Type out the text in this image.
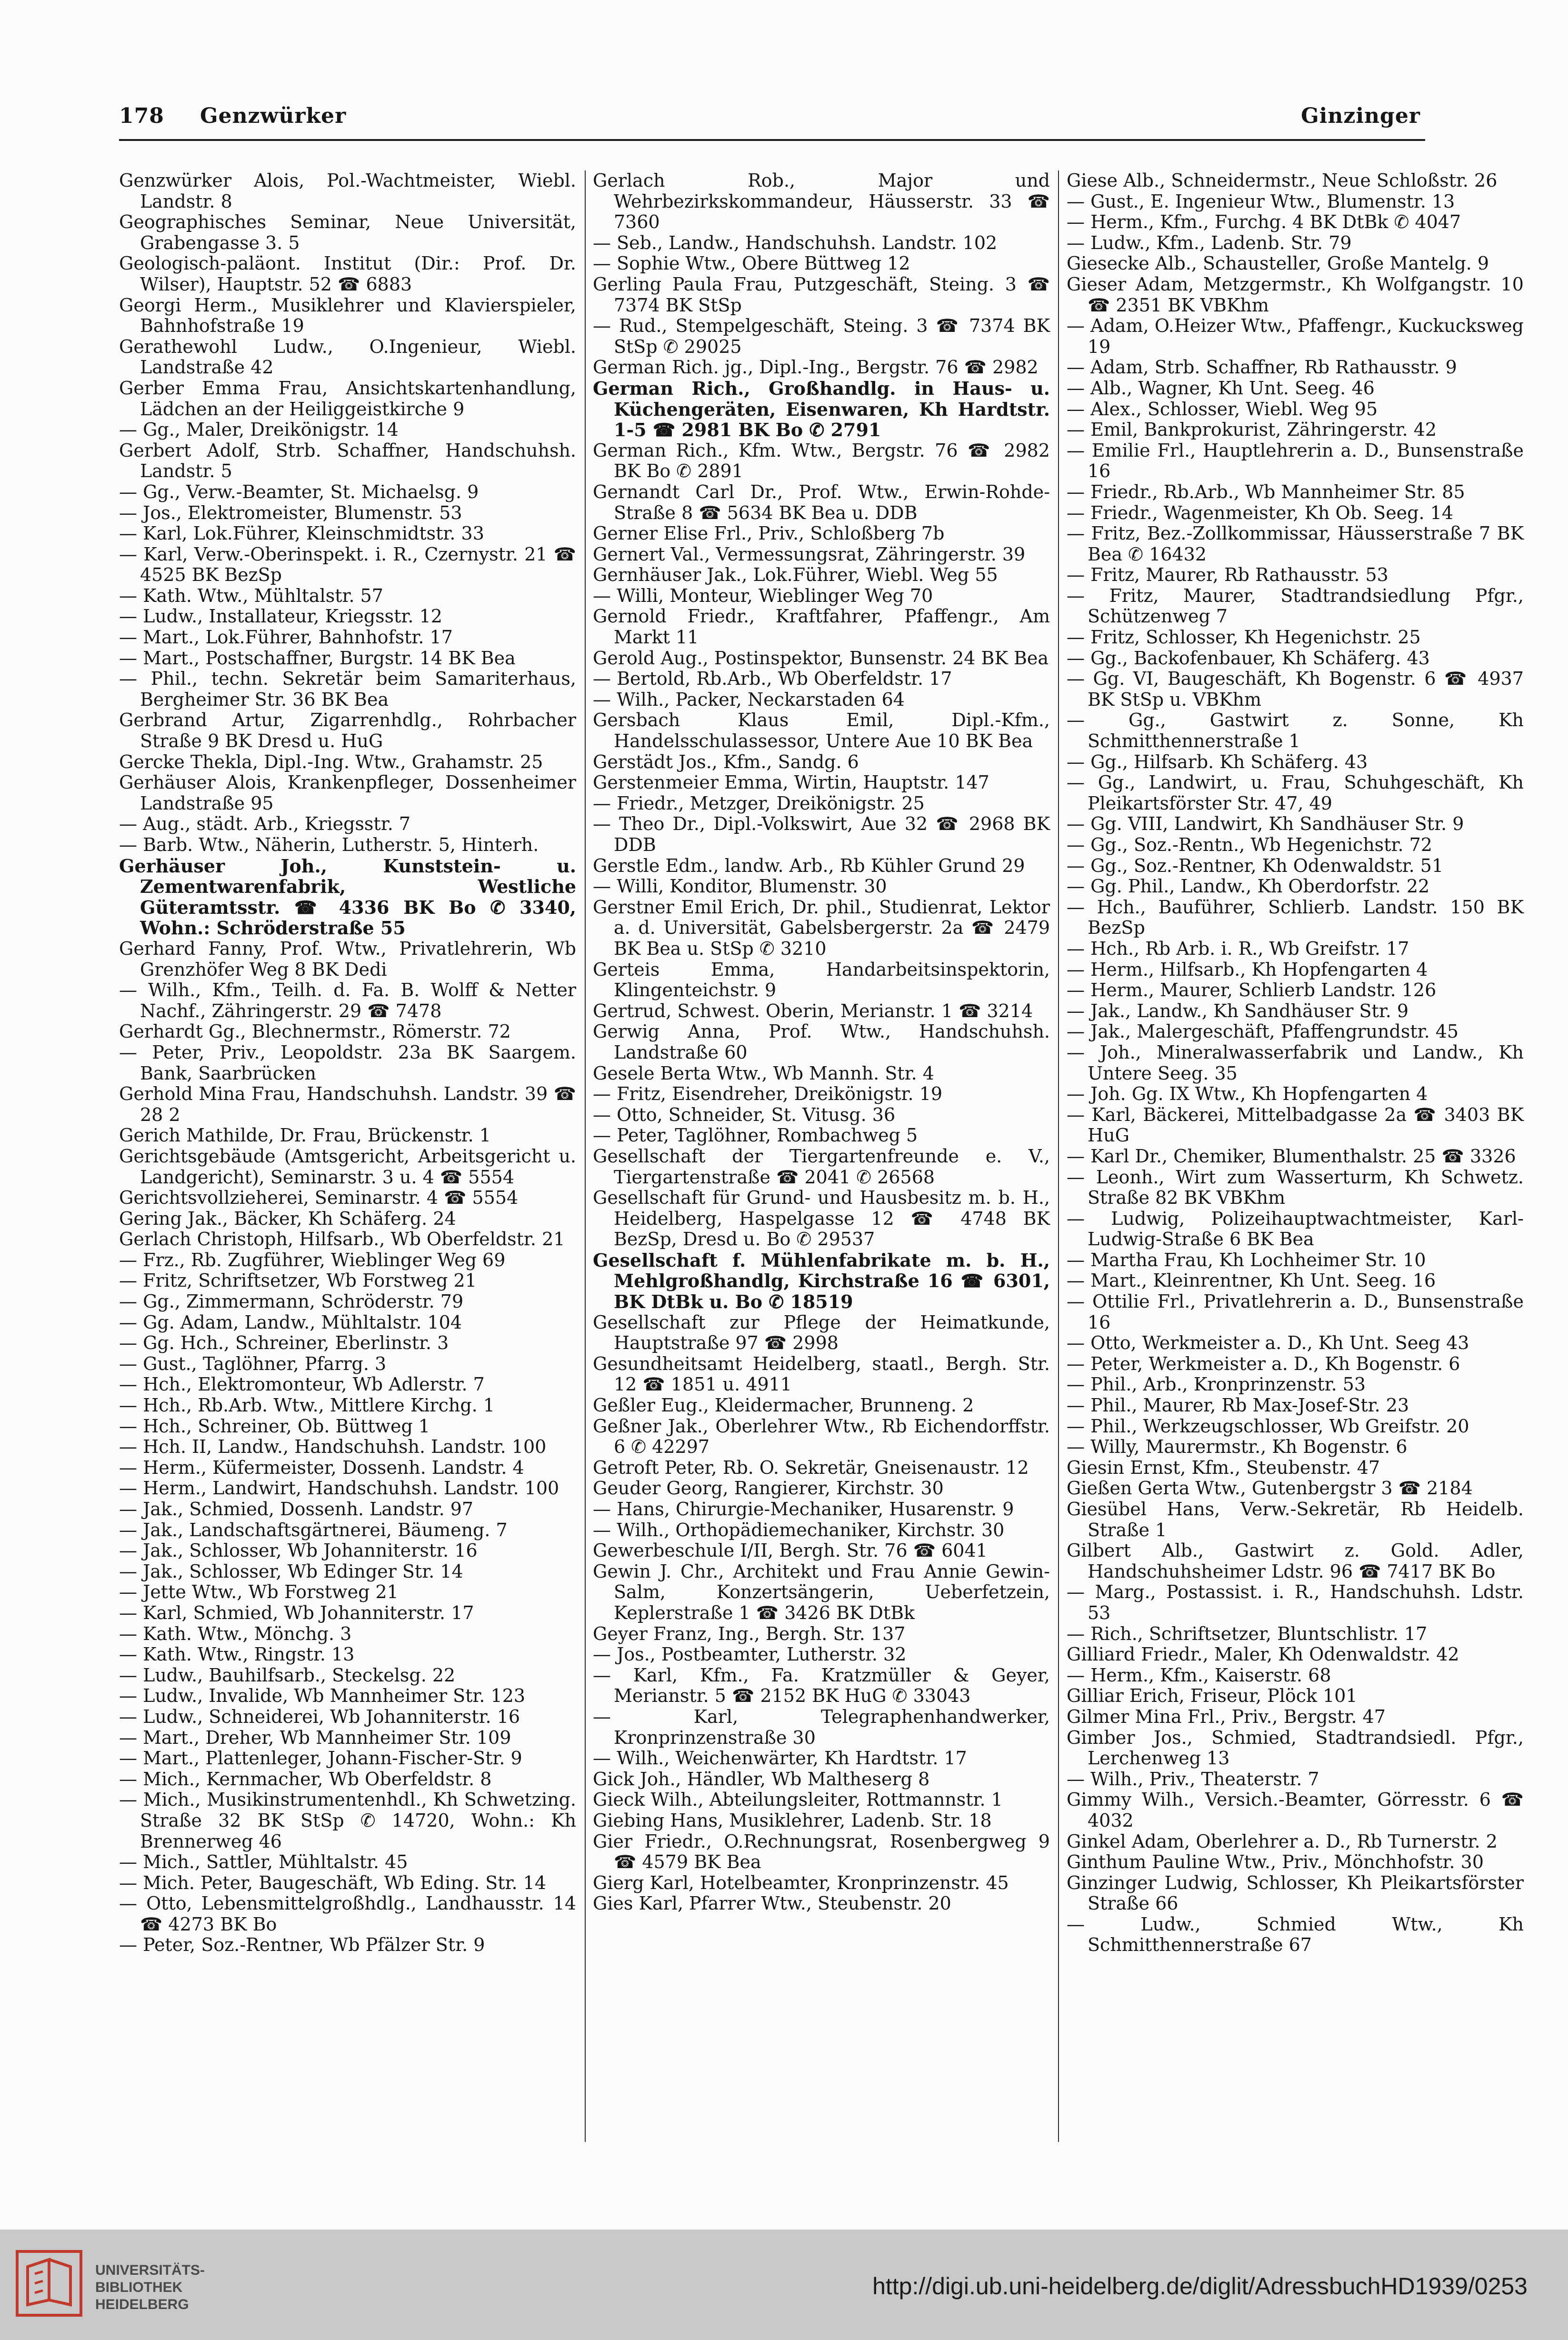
178 Genzwürker	Ginzinger

Genzwürker Alois, Pol.-Wachtmeister, Wiebl. Landstr. 8

Geographisches Seminar, Neue Universität, Grabengasse 3. 5

Geologisch-paläont. Institut (Dir.: Prof. Dr. Wilser), Hauptstr. 52 ☎ 6883

Georgi Herm., Musiklehrer und Klavierspieler, Bahnhofstraße 19

Gerathewohl Ludw., O.Ingenieur, Wiebl. Landstraße 42

Gerber Emma Frau, Ansichtskartenhandlung, Lädchen an der Heiliggeistkirche 9

— Gg., Maler, Dreikönigstr. 14

Gerbert Adolf, Strb. Schaffner, Handschuhsh. Landstr. 5

— Gg., Verw.-Beamter, St. Michaelsg. 9

— Jos., Elektromeister, Blumenstr. 53

— Karl, Lok.Führer, Kleinschmidtstr. 33

— Karl, Verw.-Oberinspekt. i. R., Czernystr. 21 ☎ 4525 BK BezSp

— Kath. Wtw., Mühltalstr. 57

— Ludw., Installateur, Kriegsstr. 12

— Mart., Lok.Führer, Bahnhofstr. 17

— Mart., Postschaffner, Burgstr. 14 BK Bea

— Phil., techn. Sekretär beim Samariterhaus, Bergheimer Str. 36 BK Bea

Gerbrand Artur, Zigarrenhdlg., Rohrbacher Straße 9 BK Dresd u. HuG

Gercke Thekla, Dipl.-Ing. Wtw., Grahamstr. 25

Gerhäuser Alois, Krankenpfleger, Dossenheimer Landstraße 95

— Aug., städt. Arb., Kriegsstr. 7

— Barb. Wtw., Näherin, Lutherstr. 5, Hinterh.

Gerhäuser Joh., Kunststein- u. Zementwarenfabrik, Westliche Güteramtsstr. ☎ 4336 BK Bo ✆ 3340, Wohn.: Schröderstraße 55

Gerhard Fanny, Prof. Wtw., Privatlehrerin, Wb Grenzhöfer Weg 8 BK Dedi

— Wilh., Kfm., Teilh. d. Fa. B. Wolff & Netter Nachf., Zähringerstr. 29 ☎ 7478

Gerhardt Gg., Blechnermstr., Römerstr. 72

— Peter, Priv., Leopoldstr. 23a BK Saargem. Bank, Saarbrücken

Gerhold Mina Frau, Handschuhsh. Landstr. 39 ☎ 28 2

Gerich Mathilde, Dr. Frau, Brückenstr. 1

Gerichtsgebäude (Amtsgericht, Arbeitsgericht u. Landgericht), Seminarstr. 3 u. 4 ☎ 5554

Gerichtsvollzieherei, Seminarstr. 4 ☎ 5554

Gering Jak., Bäcker, Kh Schäferg. 24

Gerlach Christoph, Hilfsarb., Wb Oberfeldstr. 21

— Frz., Rb. Zugführer, Wieblinger Weg 69

— Fritz, Schriftsetzer, Wb Forstweg 21

— Gg., Zimmermann, Schröderstr. 79

— Gg. Adam, Landw., Mühltalstr. 104

— Gg. Hch., Schreiner, Eberlinstr. 3

— Gust., Taglöhner, Pfarrg. 3

— Hch., Elektromonteur, Wb Adlerstr. 7

— Hch., Rb.Arb. Wtw., Mittlere Kirchg. 1

— Hch., Schreiner, Ob. Büttweg 1

— Hch. II, Landw., Handschuhsh. Landstr. 100

— Herm., Küfermeister, Dossenh. Landstr. 4

— Herm., Landwirt, Handschuhsh. Landstr. 100

— Jak., Schmied, Dossenh. Landstr. 97

— Jak., Landschaftsgärtnerei, Bäumeng. 7

— Jak., Schlosser, Wb Johanniterstr. 16

— Jak., Schlosser, Wb Edinger Str. 14

— Jette Wtw., Wb Forstweg 21

— Karl, Schmied, Wb Johanniterstr. 17

— Kath. Wtw., Mönchg. 3

— Kath. Wtw., Ringstr. 13

— Ludw., Bauhilfsarb., Steckelsg. 22

— Ludw., Invalide, Wb Mannheimer Str. 123

— Ludw., Schneiderei, Wb Johanniterstr. 16

— Mart., Dreher, Wb Mannheimer Str. 109

— Mart., Plattenleger, Johann-Fischer-Str. 9

— Mich., Kernmacher, Wb Oberfeldstr. 8

— Mich., Musikinstrumentenhdl., Kh Schwetzing. Straße 32 BK StSp ✆ 14720, Wohn.: Kh Brennerweg 46

— Mich., Sattler, Mühltalstr. 45

— Mich. Peter, Baugeschäft, Wb Eding. Str. 14

— Otto, Lebensmittelgroßhdlg., Landhausstr. 14 ☎ 4273 BK Bo

— Peter, Soz.-Rentner, Wb Pfälzer Str. 9

Gerlach Rob., Major und Wehrbezirkskommandeur, Häusserstr. 33 ☎ 7360

— Seb., Landw., Handschuhsh. Landstr. 102

— Sophie Wtw., Obere Büttweg 12

Gerling Paula Frau, Putzgeschäft, Steing. 3 ☎ 7374 BK StSp

— Rud., Stempelgeschäft, Steing. 3 ☎ 7374 BK StSp ✆ 29025

German Rich. jg., Dipl.-Ing., Bergstr. 76 ☎ 2982

German Rich., Großhandlg. in Haus- u. Küchengeräten, Eisenwaren, Kh Hardtstr. 1-5 ☎ 2981 BK Bo ✆ 2791

German Rich., Kfm. Wtw., Bergstr. 76 ☎ 2982 BK Bo ✆ 2891

Gernandt Carl Dr., Prof. Wtw., Erwin-Rohde-Straße 8 ☎ 5634 BK Bea u. DDB

Gerner Elise Frl., Priv., Schloßberg 7b

Gernert Val., Vermessungsrat, Zähringerstr. 39

Gernhäuser Jak., Lok.Führer, Wiebl. Weg 55

— Willi, Monteur, Wieblinger Weg 70

Gernold Friedr., Kraftfahrer, Pfaffengr., Am Markt 11

Gerold Aug., Postinspektor, Bunsenstr. 24 BK Bea

— Bertold, Rb.Arb., Wb Oberfeldstr. 17

— Wilh., Packer, Neckarstaden 64

Gersbach Klaus Emil, Dipl.-Kfm., Handelsschulassessor, Untere Aue 10 BK Bea

Gerstädt Jos., Kfm., Sandg. 6

Gerstenmeier Emma, Wirtin, Hauptstr. 147

— Friedr., Metzger, Dreikönigstr. 25

— Theo Dr., Dipl.-Volkswirt, Aue 32 ☎ 2968 BK DDB

Gerstle Edm., landw. Arb., Rb Kühler Grund 29

— Willi, Konditor, Blumenstr. 30

Gerstner Emil Erich, Dr. phil., Studienrat, Lektor a. d. Universität, Gabelsbergerstr. 2a ☎ 2479 BK Bea u. StSp ✆ 3210

Gerteis Emma, Handarbeitsinspektorin, Klingenteichstr. 9

Gertrud, Schwest. Oberin, Merianstr. 1 ☎ 3214

Gerwig Anna, Prof. Wtw., Handschuhsh. Landstraße 60

Gesele Berta Wtw., Wb Mannh. Str. 4

— Fritz, Eisendreher, Dreikönigstr. 19

— Otto, Schneider, St. Vitusg. 36

— Peter, Taglöhner, Rombachweg 5

Gesellschaft der Tiergartenfreunde e. V., Tiergartenstraße ☎ 2041 ✆ 26568

Gesellschaft für Grund- und Hausbesitz m. b. H., Heidelberg, Haspelgasse 12 ☎ 4748 BK BezSp, Dresd u. Bo ✆ 29537

Gesellschaft f. Mühlenfabrikate m. b. H., Mehlgroßhandlg, Kirchstraße 16 ☎ 6301, BK DtBk u. Bo ✆ 18519

Gesellschaft zur Pflege der Heimatkunde, Hauptstraße 97 ☎ 2998

Gesundheitsamt Heidelberg, staatl., Bergh. Str. 12 ☎ 1851 u. 4911

Geßler Eug., Kleidermacher, Brunneng. 2

Geßner Jak., Oberlehrer Wtw., Rb Eichendorffstr. 6 ✆ 42297

Getroft Peter, Rb. O. Sekretär, Gneisenaustr. 12

Geuder Georg, Rangierer, Kirchstr. 30

— Hans, Chirurgie-Mechaniker, Husarenstr. 9

— Wilh., Orthopädiemechaniker, Kirchstr. 30

Gewerbeschule I/II, Bergh. Str. 76 ☎ 6041

Gewin J. Chr., Architekt und Frau Annie Gewin-Salm, Konzertsängerin, Ueberfetzein, Keplerstraße 1 ☎ 3426 BK DtBk

Geyer Franz, Ing., Bergh. Str. 137

— Jos., Postbeamter, Lutherstr. 32

— Karl, Kfm., Fa. Kratzmüller & Geyer, Merianstr. 5 ☎ 2152 BK HuG ✆ 33043

— Karl, Telegraphenhandwerker, Kronprinzenstraße 30

— Wilh., Weichenwärter, Kh Hardtstr. 17

Gick Joh., Händler, Wb Maltheserg 8

Gieck Wilh., Abteilungsleiter, Rottmannstr. 1

Giebing Hans, Musiklehrer, Ladenb. Str. 18

Gier Friedr., O.Rechnungsrat, Rosenbergweg 9 ☎ 4579 BK Bea

Gierg Karl, Hotelbeamter, Kronprinzenstr. 45

Gies Karl, Pfarrer Wtw., Steubenstr. 20

Giese Alb., Schneidermstr., Neue Schloßstr. 26

— Gust., E. Ingenieur Wtw., Blumenstr. 13

— Herm., Kfm., Furchg. 4 BK DtBk ✆ 4047

— Ludw., Kfm., Ladenb. Str. 79

Giesecke Alb., Schausteller, Große Mantelg. 9

Gieser Adam, Metzgermstr., Kh Wolfgangstr. 10 ☎ 2351 BK VBKhm

— Adam, O.Heizer Wtw., Pfaffengr., Kuckucksweg 19

— Adam, Strb. Schaffner, Rb Rathausstr. 9

— Alb., Wagner, Kh Unt. Seeg. 46

— Alex., Schlosser, Wiebl. Weg 95

— Emil, Bankprokurist, Zähringerstr. 42

— Emilie Frl., Hauptlehrerin a. D., Bunsenstraße 16

— Friedr., Rb.Arb., Wb Mannheimer Str. 85

— Friedr., Wagenmeister, Kh Ob. Seeg. 14

— Fritz, Bez.-Zollkommissar, Häusserstraße 7 BK Bea ✆ 16432

— Fritz, Maurer, Rb Rathausstr. 53

— Fritz, Maurer, Stadtrandsiedlung Pfgr., Schützenweg 7

— Fritz, Schlosser, Kh Hegenichstr. 25

— Gg., Backofenbauer, Kh Schäferg. 43

— Gg. VI, Baugeschäft, Kh Bogenstr. 6 ☎ 4937 BK StSp u. VBKhm

— Gg., Gastwirt z. Sonne, Kh Schmitthennerstraße 1

— Gg., Hilfsarb. Kh Schäferg. 43

— Gg., Landwirt, u. Frau, Schuhgeschäft, Kh Pleikartsförster Str. 47, 49

— Gg. VIII, Landwirt, Kh Sandhäuser Str. 9

— Gg., Soz.-Rentn., Wb Hegenichstr. 72

— Gg., Soz.-Rentner, Kh Odenwaldstr. 51

— Gg. Phil., Landw., Kh Oberdorfstr. 22

— Hch., Bauführer, Schlierb. Landstr. 150 BK BezSp

— Hch., Rb Arb. i. R., Wb Greifstr. 17

— Herm., Hilfsarb., Kh Hopfengarten 4

— Herm., Maurer, Schlierb Landstr. 126

— Jak., Landw., Kh Sandhäuser Str. 9

— Jak., Malergeschäft, Pfaffengrundstr. 45

— Joh., Mineralwasserfabrik und Landw., Kh Untere Seeg. 35

— Joh. Gg. IX Wtw., Kh Hopfengarten 4

— Karl, Bäckerei, Mittelbadgasse 2a ☎ 3403 BK HuG

— Karl Dr., Chemiker, Blumenthalstr. 25 ☎ 3326

— Leonh., Wirt zum Wasserturm, Kh Schwetz. Straße 82 BK VBKhm

— Ludwig, Polizeihauptwachtmeister, Karl-Ludwig-Straße 6 BK Bea

— Martha Frau, Kh Lochheimer Str. 10

— Mart., Kleinrentner, Kh Unt. Seeg. 16

— Ottilie Frl., Privatlehrerin a. D., Bunsenstraße 16

— Otto, Werkmeister a. D., Kh Unt. Seeg 43

— Peter, Werkmeister a. D., Kh Bogenstr. 6

— Phil., Arb., Kronprinzenstr. 53

— Phil., Maurer, Rb Max-Josef-Str. 23

— Phil., Werkzeugschlosser, Wb Greifstr. 20

— Willy, Maurermstr., Kh Bogenstr. 6

Giesin Ernst, Kfm., Steubenstr. 47

Gießen Gerta Wtw., Gutenbergstr 3 ☎ 2184

Giesübel Hans, Verw.-Sekretär, Rb Heidelb. Straße 1

Gilbert Alb., Gastwirt z. Gold. Adler, Handschuhsheimer Ldstr. 96 ☎ 7417 BK Bo

— Marg., Postassist. i. R., Handschuhsh. Ldstr. 53

— Rich., Schriftsetzer, Bluntschlistr. 17

Gilliard Friedr., Maler, Kh Odenwaldstr. 42

— Herm., Kfm., Kaiserstr. 68

Gilliar Erich, Friseur, Plöck 101

Gilmer Mina Frl., Priv., Bergstr. 47

Gimber Jos., Schmied, Stadtrandsiedl. Pfgr., Lerchenweg 13

— Wilh., Priv., Theaterstr. 7

Gimmy Wilh., Versich.-Beamter, Görresstr. 6 ☎ 4032

Ginkel Adam, Oberlehrer a. D., Rb Turnerstr. 2

Ginthum Pauline Wtw., Priv., Mönchhofstr. 30

Ginzinger Ludwig, Schlosser, Kh Pleikartsförster Straße 66

— Ludw., Schmied Wtw., Kh Schmitthennerstraße 67

UNIVERSITÄTS-
BIBLIOTHEK
HEIDELBERG
http://digi.ub.uni-heidelberg.de/diglit/AdressbuchHD1939/0253
